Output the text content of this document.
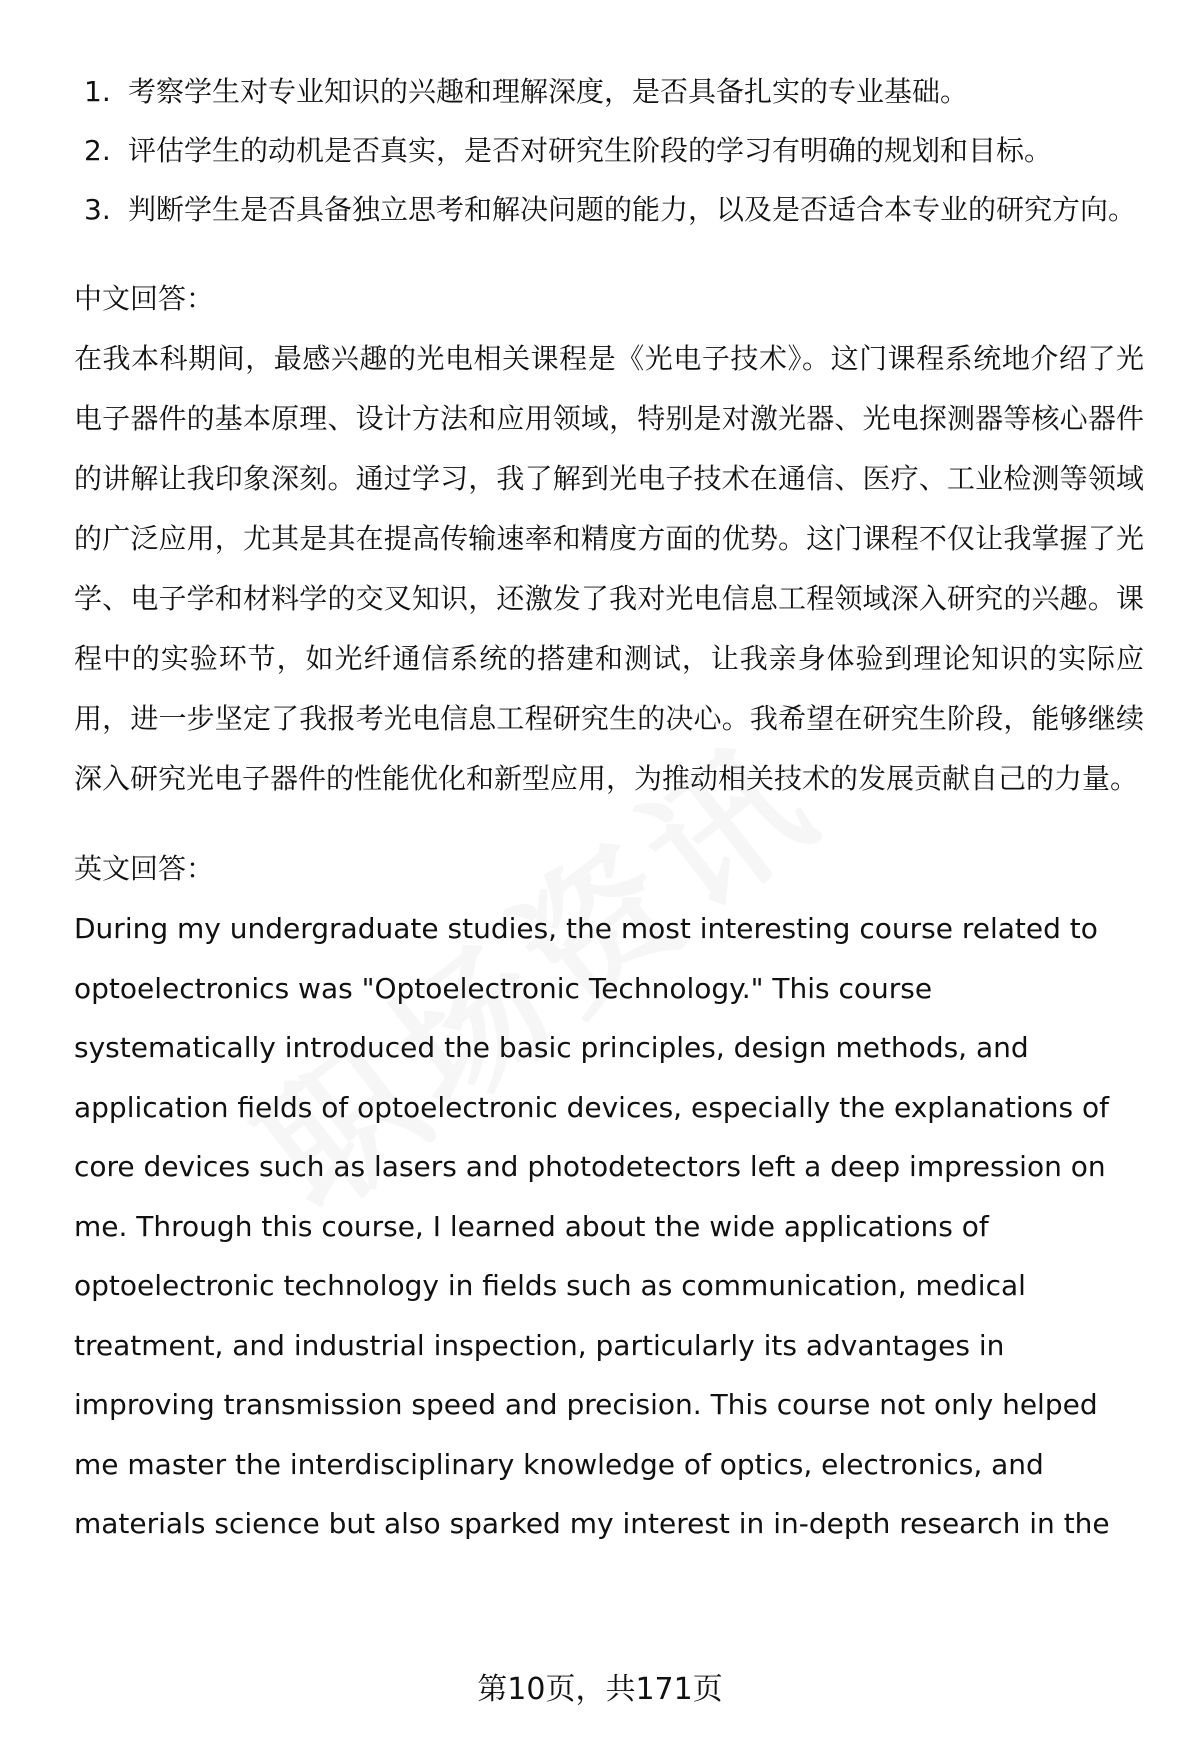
1. 考察学生对专业知识的兴趣和理解深度，是否具备扎实的专业基础。
2. 评估学生的动机是否真实，是否对研究生阶段的学习有明确的规划和目标。
3. 判断学生是否具备独立思考和解决问题的能力，以及是否适合本专业的研究方向。

中文回答：

在我本科期间，最感兴趣的光电相关课程是《光电子技术》。这门课程系统地介绍了光电子器件的基本原理、设计方法和应用领域，特别是对激光器、光电探测器等核心器件的讲解让我印象深刻。通过学习，我了解到光电子技术在通信、医疗、工业检测等领域的广泛应用，尤其是其在提高传输速率和精度方面的优势。这门课程不仅让我掌握了光学、电子学和材料学的交叉知识，还激发了我对光电信息工程领域深入研究的兴趣。课程中的实验环节，如光纤通信系统的搭建和测试，让我亲身体验到理论知识的实际应用，进一步坚定了我报考光电信息工程研究生的决心。我希望在研究生阶段，能够继续深入研究光电子器件的性能优化和新型应用，为推动相关技术的发展贡献自己的力量。

英文回答：

During my undergraduate studies, the most interesting course related to optoelectronics was "Optoelectronic Technology." This course systematically introduced the basic principles, design methods, and application fields of optoelectronic devices, especially the explanations of core devices such as lasers and photodetectors left a deep impression on me. Through this course, I learned about the wide applications of optoelectronic technology in fields such as communication, medical treatment, and industrial inspection, particularly its advantages in improving transmission speed and precision. This course not only helped me master the interdisciplinary knowledge of optics, electronics, and materials science but also sparked my interest in in-depth research in the

第10页，共171页
